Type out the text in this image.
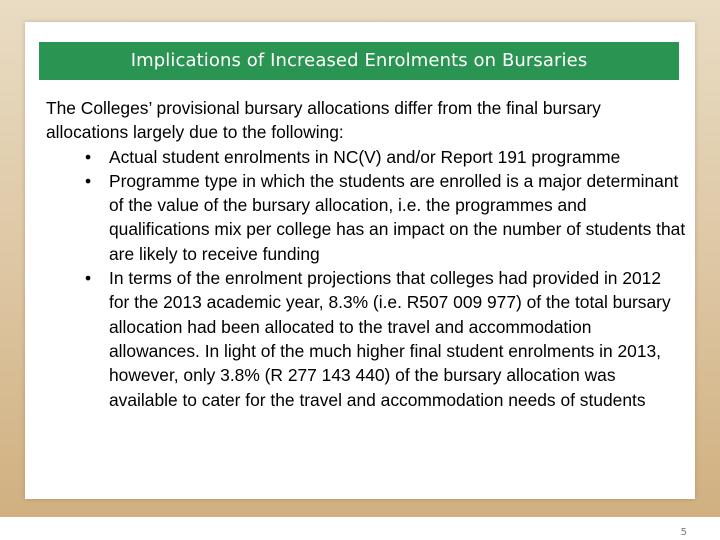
Implications of Increased Enrolments on Bursaries

The Colleges’ provisional bursary allocations differ from the final bursary allocations largely due to the following:

• Actual student enrolments in NC(V) and/or Report 191 programme
• Programme type in which the students are enrolled is a major determinant of the value of the bursary allocation, i.e. the programmes and qualifications mix per college has an impact on the number of students that are likely to receive funding
• In terms of the enrolment projections that colleges had provided in 2012 for the 2013 academic year, 8.3% (i.e. R507 009 977) of the total bursary allocation had been allocated to the travel and accommodation allowances. In light of the much higher final student enrolments in 2013, however, only 3.8% (R 277 143 440) of the bursary allocation was available to cater for the travel and accommodation needs of students
5
